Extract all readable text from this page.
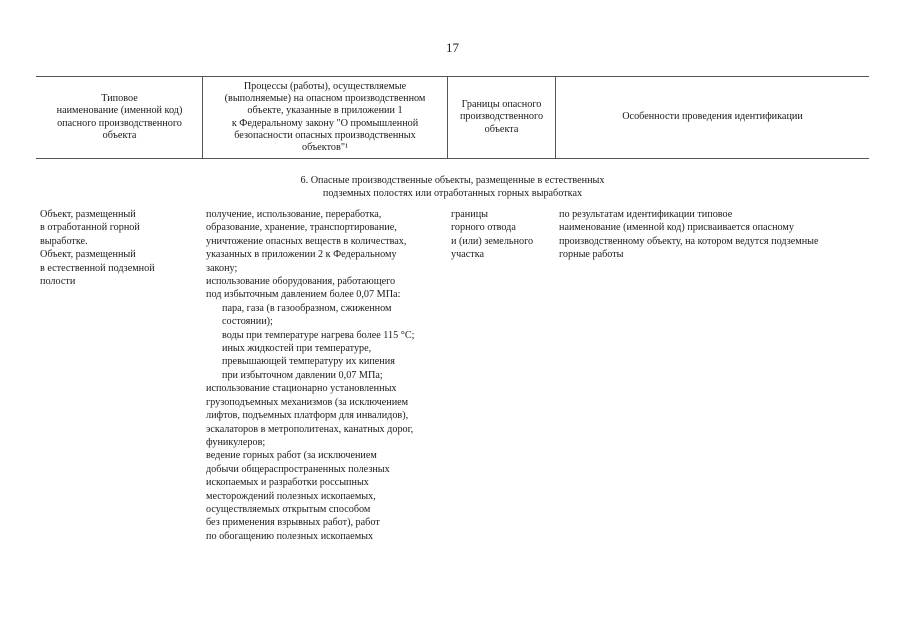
17
Типовое
наименование (именной код)
опасного производственного
объекта
Процессы (работы), осуществляемые
(выполняемые) на опасном производственном
объекте, указанные в приложении 1
к Федеральному закону "О промышленной
безопасности опасных производственных
объектов"¹
Границы опасного
производственного
объекта
Особенности проведения идентификации
6. Опасные производственные объекты, размещенные в естественных
подземных полостях или отработанных горных выработках
Объект, размещенный
в отработанной горной
выработке.
Объект, размещенный
в естественной подземной
полости
получение, использование, переработка,
образование, хранение, транспортирование,
уничтожение опасных веществ в количествах,
указанных в приложении 2 к Федеральному
закону;
использование оборудования, работающего
под избыточным давлением более 0,07 МПа:
пара, газа (в газообразном, сжиженном
состоянии);
воды при температуре нагрева более 115 °С;
иных жидкостей при температуре,
превышающей температуру их кипения
при избыточном давлении 0,07 МПа;
использование стационарно установленных
грузоподъемных механизмов (за исключением
лифтов, подъемных платформ для инвалидов),
эскалаторов в метрополитенах, канатных дорог,
фуникулеров;
ведение горных работ (за исключением
добычи общераспространенных полезных
ископаемых и разработки россыпных
месторождений полезных ископаемых,
осуществляемых открытым способом
без применения взрывных работ), работ
по обогащению полезных ископаемых
границы
горного отвода
и (или) земельного
участка
по результатам идентификации типовое
наименование (именной код) присваивается опасному
производственному объекту, на котором ведутся подземные
горные работы
